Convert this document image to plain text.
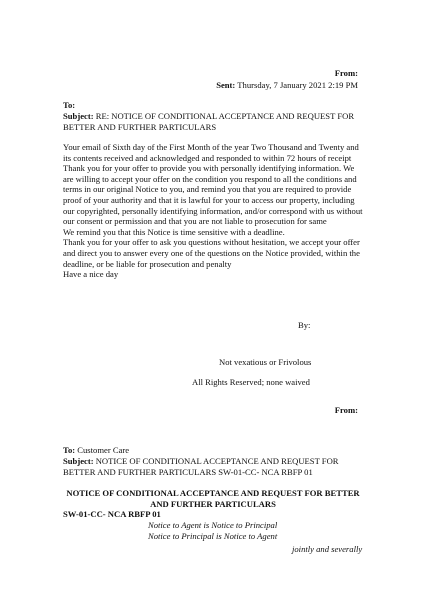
From:
Sent: Thursday, 7 January 2021 2:19 PM
To:
Subject: RE: NOTICE OF CONDITIONAL ACCEPTANCE AND REQUEST FOR BETTER AND FURTHER PARTICULARS

Your email of Sixth day of the First Month of the year Two Thousand and Twenty and its contents received and acknowledged and responded to within 72 hours of receipt

Thank you for your offer to provide you with personally identifying information. We are willing to accept your offer on the condition you respond to all the conditions and terms in our original Notice to you, and remind you that you are required to provide proof of your authority and that it is lawful for your to access our property, including our copyrighted, personally identifying information, and/or correspond with us without our consent or permission and that you are not liable to prosecution for same

We remind you that this Notice is time sensitive with a deadline.

Thank you for your offer to ask you questions without hesitation, we accept your offer and direct you to answer every one of the questions on the Notice provided, within the deadline, or be liable for prosecution and penalty

Have a nice day

By:
Not vexatious or Frivolous
All Rights Reserved; none waived
From:
To: Customer Care
Subject: NOTICE OF CONDITIONAL ACCEPTANCE AND REQUEST FOR BETTER AND FURTHER PARTICULARS SW-01-CC- NCA RBFP 01
NOTICE OF CONDITIONAL ACCEPTANCE AND REQUEST FOR BETTER AND FURTHER PARTICULARS
SW-01-CC- NCA RBFP 01
Notice to Agent is Notice to Principal
Notice to Principal is Notice to Agent
jointly and severally
